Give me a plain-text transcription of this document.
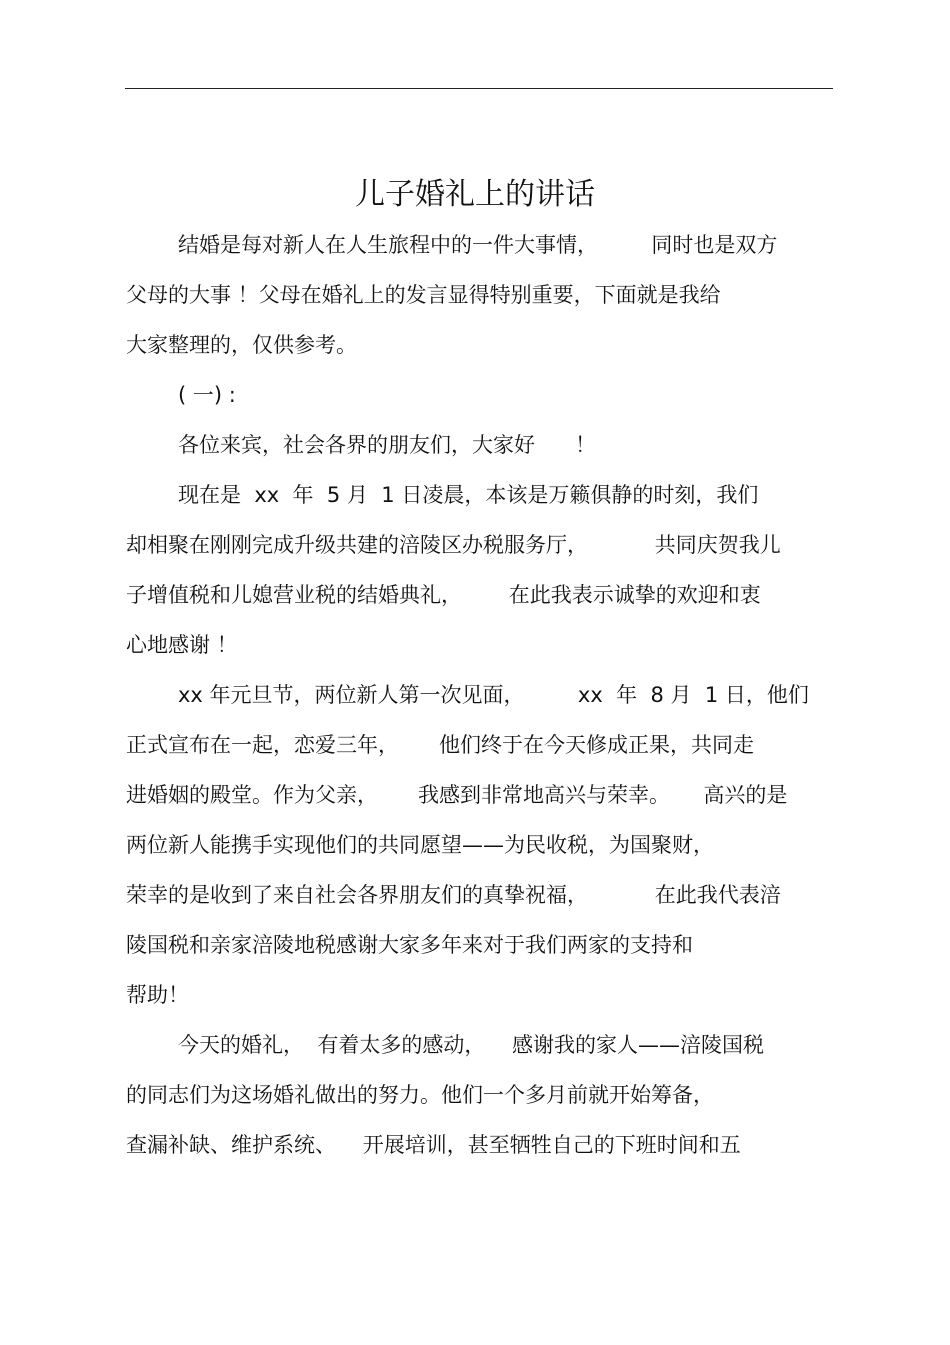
儿子婚礼上的讲话
结婚是每对新人在人生旅程中的一件大事情，        同时也是双方
父母的大事 ！父母在婚礼上的发言显得特别重要，下面就是我给
大家整理的，仅供参考。
( 一) :
各位来宾，社会各界的朋友们，大家好      ！
现在是  xx  年  5 月  1 日凌晨，本该是万籁俱静的时刻，我们
却相聚在刚刚完成升级共建的涪陵区办税服务厅，          共同庆贺我儿
子增值税和儿媳营业税的结婚典礼，       在此我表示诚挚的欢迎和衷
心地感谢 ！
xx 年元旦节，两位新人第一次见面，        xx  年  8 月  1 日，他们
正式宣布在一起，恋爱三年，      他们终于在今天修成正果，共同走
进婚姻的殿堂。作为父亲，      我感到非常地高兴与荣幸。     高兴的是
两位新人能携手实现他们的共同愿望——为民收税，为国聚财，
荣幸的是收到了来自社会各界朋友们的真挚祝福，          在此我代表涪
陵国税和亲家涪陵地税感谢大家多年来对于我们两家的支持和
帮助！
今天的婚礼，  有着太多的感动，    感谢我的家人——涪陵国税
的同志们为这场婚礼做出的努力。他们一个多月前就开始筹备，
查漏补缺、维护系统、    开展培训，甚至牺牲自己的下班时间和五
